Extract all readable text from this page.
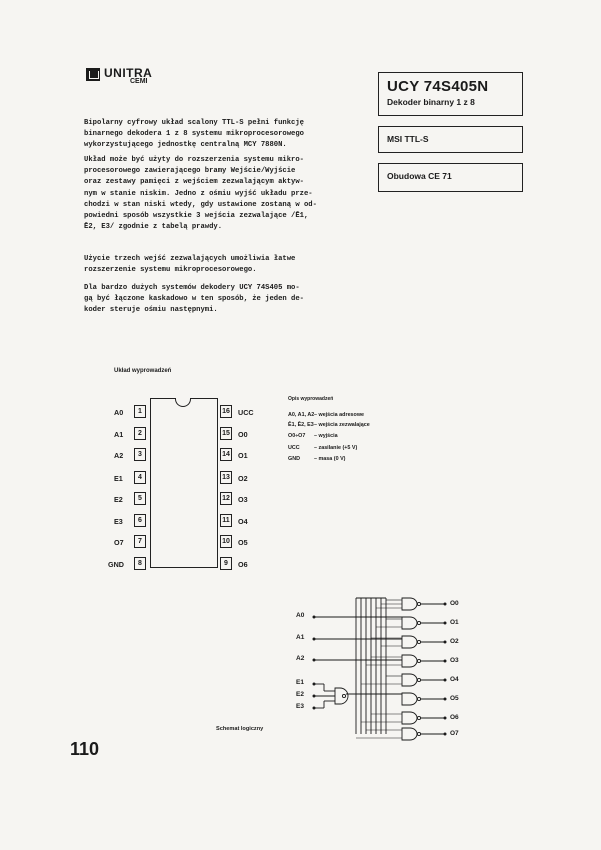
UNITRA
CEMI	UCY 74S405N
Dekoder binarny 1 z 8
MSI TTL-S
Obudowa CE 71
Bipolarny cyfrowy układ scalony TTL-S pełni funkcję
binarnego dekodera 1 z 8 systemu mikroprocesorowego
wykorzystującego jednostkę centralną MCY 7880N.
Układ może być użyty do rozszerzenia systemu mikro-
procesorowego zawierającego bramy Wejście/Wyjście
oraz zestawy pamięci z wejściem zezwalającym aktyw-
nym w stanie niskim. Jedno z ośmiu wyjść układu prze-
chodzi w stan niski wtedy, gdy ustawione zostaną w od-
powiedni sposób wszystkie 3 wejścia zezwalające /Ē1,
Ē2, E3/ zgodnie z tabelą prawdy.
Użycie trzech wejść zezwalających umożliwia łatwe
rozszerzenie systemu mikroprocesorowego.
Dla bardzo dużych systemów dekodery UCY 74S405 mo-
gą być łączone kaskadowo w ten sposób, że jeden de-
koder steruje ośmiu następnymi.
Układ wyprowadzeń
A0	1
A1	2
A2	3
E1	4
E2	5
E3	6
O7	7
GND	8
16 UCC
15 O0
14 O1
13 O2
12 O3
11	O4
10 O5
9	O6
Opis wyprowadzeń
A0, A1, A2 – wejścia adresowe
Ē1, Ē2, E3 – wejścia zezwalające
O0÷O7 – wyjścia
UCC	– zasilanie (+5 V)
GND	– masa (0 V)
A0
A1
A2
E1
E2
E3
O0
O1
O2
O3
O4
O5
O6
O7
Schemat logiczny
110
